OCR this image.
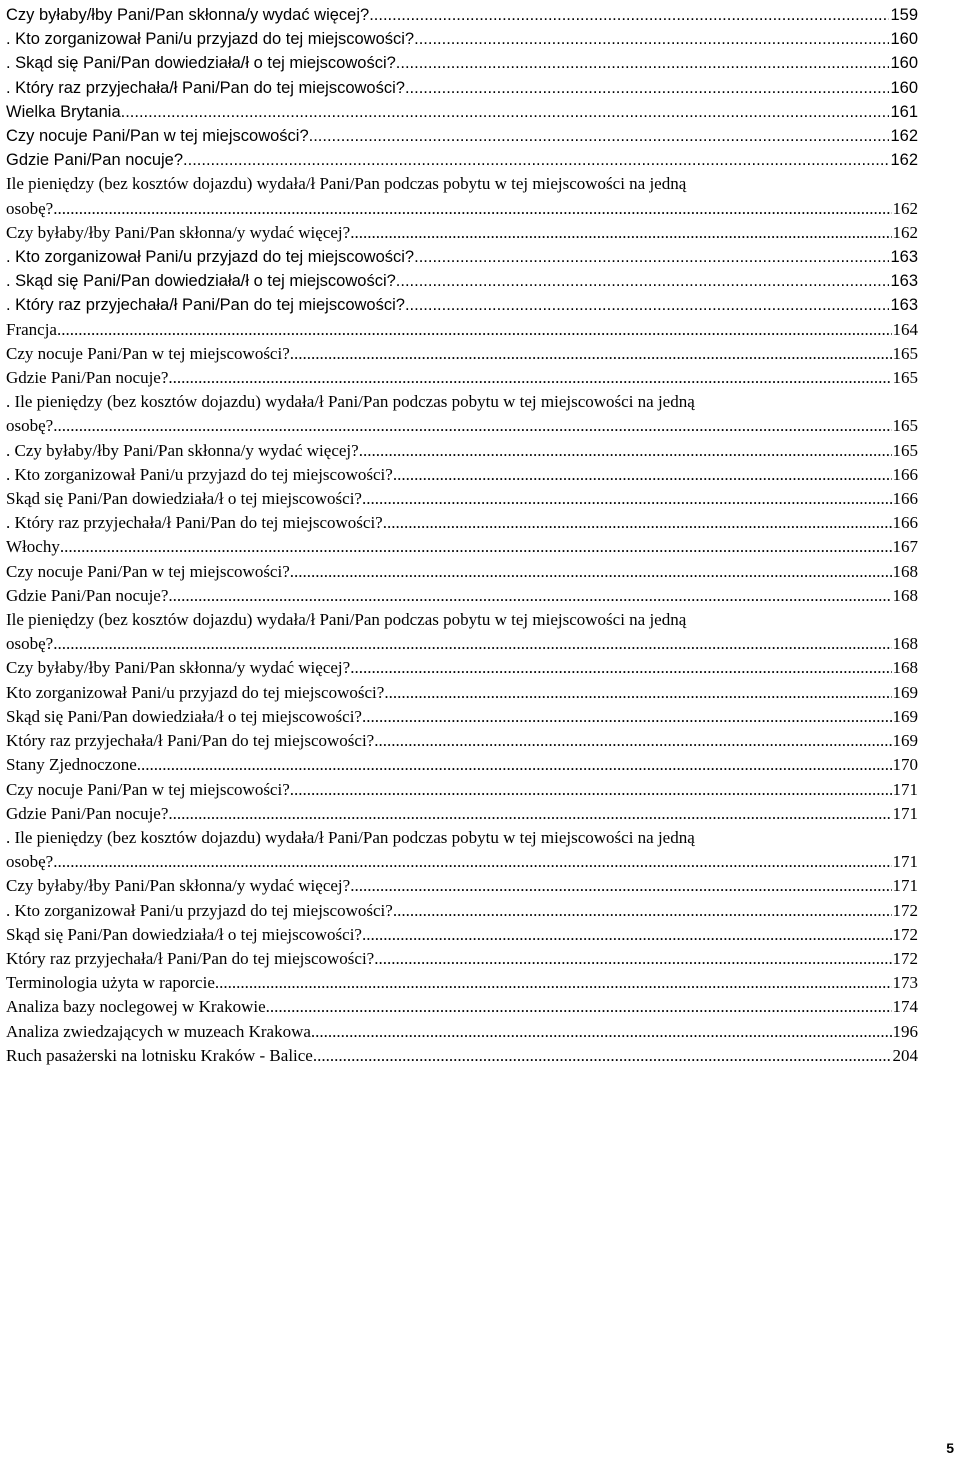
Czy byłaby/łby Pani/Pan skłonna/y wydać więcej? .....	159
. Kto zorganizował Pani/u przyjazd do tej miejscowości? .....	160
. Skąd się Pani/Pan dowiedziała/ł o tej miejscowości? .....	160
. Który raz przyjechała/ł Pani/Pan do tej miejscowości? .....	160
Wielka Brytania .....	161
Czy nocuje Pani/Pan w tej miejscowości? .....	162
Gdzie Pani/Pan nocuje? .....	162
Ile pieniędzy (bez kosztów dojazdu) wydała/ł Pani/Pan podczas pobytu w tej miejscowości na jedną
osobę? .....	162
Czy byłaby/łby Pani/Pan skłonna/y wydać więcej? .....	162
. Kto zorganizował Pani/u przyjazd do tej miejscowości? .....	163
. Skąd się Pani/Pan dowiedziała/ł o tej miejscowości? .....	163
. Który raz przyjechała/ł Pani/Pan do tej miejscowości? .....	163
Francja .....	164
Czy nocuje Pani/Pan w tej miejscowości? .....	165
Gdzie Pani/Pan nocuje? .....	165
. Ile pieniędzy (bez kosztów dojazdu) wydała/ł Pani/Pan podczas pobytu w tej miejscowości na jedną
osobę? .....	165
. Czy byłaby/łby Pani/Pan skłonna/y wydać więcej? .....	165
. Kto zorganizował Pani/u przyjazd do tej miejscowości? .....	166
Skąd się Pani/Pan dowiedziała/ł o tej miejscowości? .....	166
. Który raz przyjechała/ł Pani/Pan do tej miejscowości? .....	166
Włochy .....	167
Czy nocuje Pani/Pan w tej miejscowości? .....	168
Gdzie Pani/Pan nocuje? .....	168
Ile pieniędzy (bez kosztów dojazdu) wydała/ł Pani/Pan podczas pobytu w tej miejscowości na jedną
osobę? .....	168
Czy byłaby/łby Pani/Pan skłonna/y wydać więcej? .....	168
Kto zorganizował Pani/u przyjazd do tej miejscowości? .....	169
Skąd się Pani/Pan dowiedziała/ł o tej miejscowości? .....	169
Który raz przyjechała/ł Pani/Pan do tej miejscowości? .....	169
Stany Zjednoczone .....	170
Czy nocuje Pani/Pan w tej miejscowości? .....	171
Gdzie Pani/Pan nocuje? .....	171
. Ile pieniędzy (bez kosztów dojazdu) wydała/ł Pani/Pan podczas pobytu w tej miejscowości na jedną
osobę? .....	171
Czy byłaby/łby Pani/Pan skłonna/y wydać więcej? .....	171
. Kto zorganizował Pani/u przyjazd do tej miejscowości? .....	172
Skąd się Pani/Pan dowiedziała/ł o tej miejscowości? .....	172
Który raz przyjechała/ł Pani/Pan do tej miejscowości? .....	172
Terminologia użyta w raporcie .....	173
Analiza bazy noclegowej w Krakowie .....	174
Analiza zwiedzających w muzeach Krakowa .....	196
Ruch pasażerski na lotnisku Kraków - Balice .....	204
5
